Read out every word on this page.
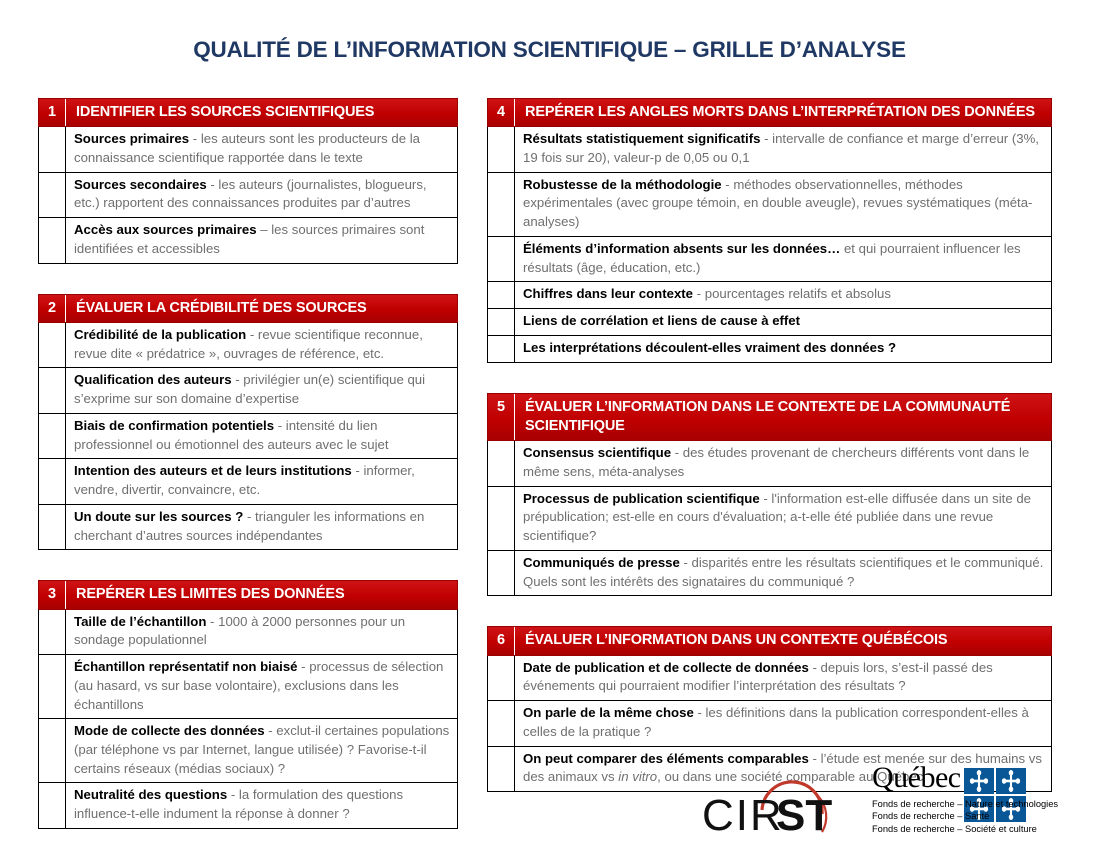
QUALITÉ DE L’INFORMATION SCIENTIFIQUE – GRILLE D’ANALYSE
1	IDENTIFIER LES SOURCES SCIENTIFIQUES
Sources primaires - les auteurs sont les producteurs de la connaissance scientifique rapportée dans le texte
Sources secondaires - les auteurs (journalistes, blogueurs, etc.) rapportent des connaissances produites par d’autres
Accès aux sources primaires – les sources primaires sont identifiées et accessibles
2	ÉVALUER LA CRÉDIBILITÉ DES SOURCES
Crédibilité de la publication - revue scientifique reconnue, revue dite « prédatrice », ouvrages de référence, etc.
Qualification des auteurs - privilégier un(e) scientifique qui s’exprime sur son domaine d’expertise
Biais de confirmation potentiels - intensité du lien professionnel ou émotionnel des auteurs avec le sujet
Intention des auteurs et de leurs institutions - informer, vendre, divertir, convaincre, etc.
Un doute sur les sources ? - trianguler les informations en cherchant d’autres sources indépendantes
3	REPÉRER LES LIMITES DES DONNÉES
Taille de l’échantillon - 1000 à 2000 personnes pour un sondage populationnel
Échantillon représentatif non biaisé - processus de sélection (au hasard, vs sur base volontaire), exclusions dans les échantillons
Mode de collecte des données - exclut-il certaines populations (par téléphone vs par Internet, langue utilisée) ? Favorise-t-il certains réseaux (médias sociaux) ?
Neutralité des questions - la formulation des questions influence-t-elle indument la réponse à donner ?
4	REPÉRER LES ANGLES MORTS DANS L’INTERPRÉTATION DES DONNÉES
Résultats statistiquement significatifs - intervalle de confiance et marge d’erreur (3%, 19 fois sur 20), valeur-p de 0,05 ou 0,1
Robustesse de la méthodologie - méthodes observationnelles, méthodes expérimentales (avec groupe témoin, en double aveugle), revues systématiques (méta-analyses)
Éléments d’information absents sur les données… et qui pourraient influencer les résultats (âge, éducation, etc.)
Chiffres dans leur contexte - pourcentages relatifs et absolus
Liens de corrélation et liens de cause à effet
Les interprétations découlent-elles vraiment des données ?
5	ÉVALUER L’INFORMATION DANS LE CONTEXTE DE LA COMMUNAUTÉ SCIENTIFIQUE
Consensus scientifique - des études provenant de chercheurs différents vont dans le même sens, méta-analyses
Processus de publication scientifique - l'information est-elle diffusée dans un site de prépublication; est-elle en cours d'évaluation; a-t-elle été publiée dans une revue scientifique?
Communiqués de presse - disparités entre les résultats scientifiques et le communiqué. Quels sont les intérêts des signataires du communiqué ?
6	ÉVALUER L’INFORMATION DANS UN CONTEXTE QUÉBÉCOIS
Date de publication et de collecte de données - depuis lors, s’est-il passé des événements qui pourraient modifier l’interprétation des résultats ?
On parle de la même chose - les définitions dans la publication correspondent-elles à celles de la pratique ?
On peut comparer des éléments comparables - l’étude est menée sur des humains vs des animaux vs in vitro, ou dans une société comparable au Québec
CIR
ST
Québec
Fonds de recherche – Nature et technologies
Fonds de recherche – Santé
Fonds de recherche – Société et culture
